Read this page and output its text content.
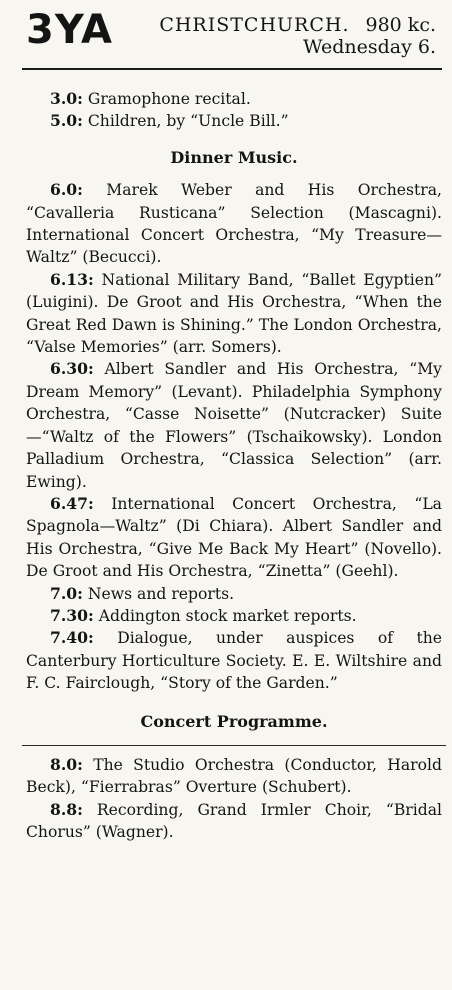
3YA	CHRISTCHURCH. 980 kc.
Wednesday 6.

3.0: Gramophone recital.

5.0: Children, by “Uncle Bill.”

Dinner Music.

6.0: Marek Weber and His Orchestra, “Cavalleria Rusticana” Selection (Mascagni). International Concert Orchestra, “My Treasure—Waltz” (Becucci).

6.13: National Military Band, “Ballet Egyptien” (Luigini). De Groot and His Orchestra, “When the Great Red Dawn is Shining.” The London Orchestra, “Valse Memories” (arr. Somers).

6.30: Albert Sandler and His Orchestra, “My Dream Memory” (Levant). Philadelphia Symphony Orchestra, “Casse Noisette” (Nutcracker) Suite—“Waltz of the Flowers” (Tschaikowsky). London Palladium Orchestra, “Classica Selection” (arr. Ewing).

6.47: International Concert Orchestra, “La Spagnola—Waltz” (Di Chiara). Albert Sandler and His Orchestra, “Give Me Back My Heart” (Novello). De Groot and His Orchestra, “Zinetta” (Geehl).

7.0: News and reports.

7.30: Addington stock market reports.

7.40: Dialogue, under auspices of the Canterbury Horticulture Society. E. E. Wiltshire and F. C. Fairclough, “Story of the Garden.”

Concert Programme.

8.0: The Studio Orchestra (Conductor, Harold Beck), “Fierrabras” Overture (Schubert).

8.8: Recording, Grand Irmler Choir, “Bridal Chorus” (Wagner).
